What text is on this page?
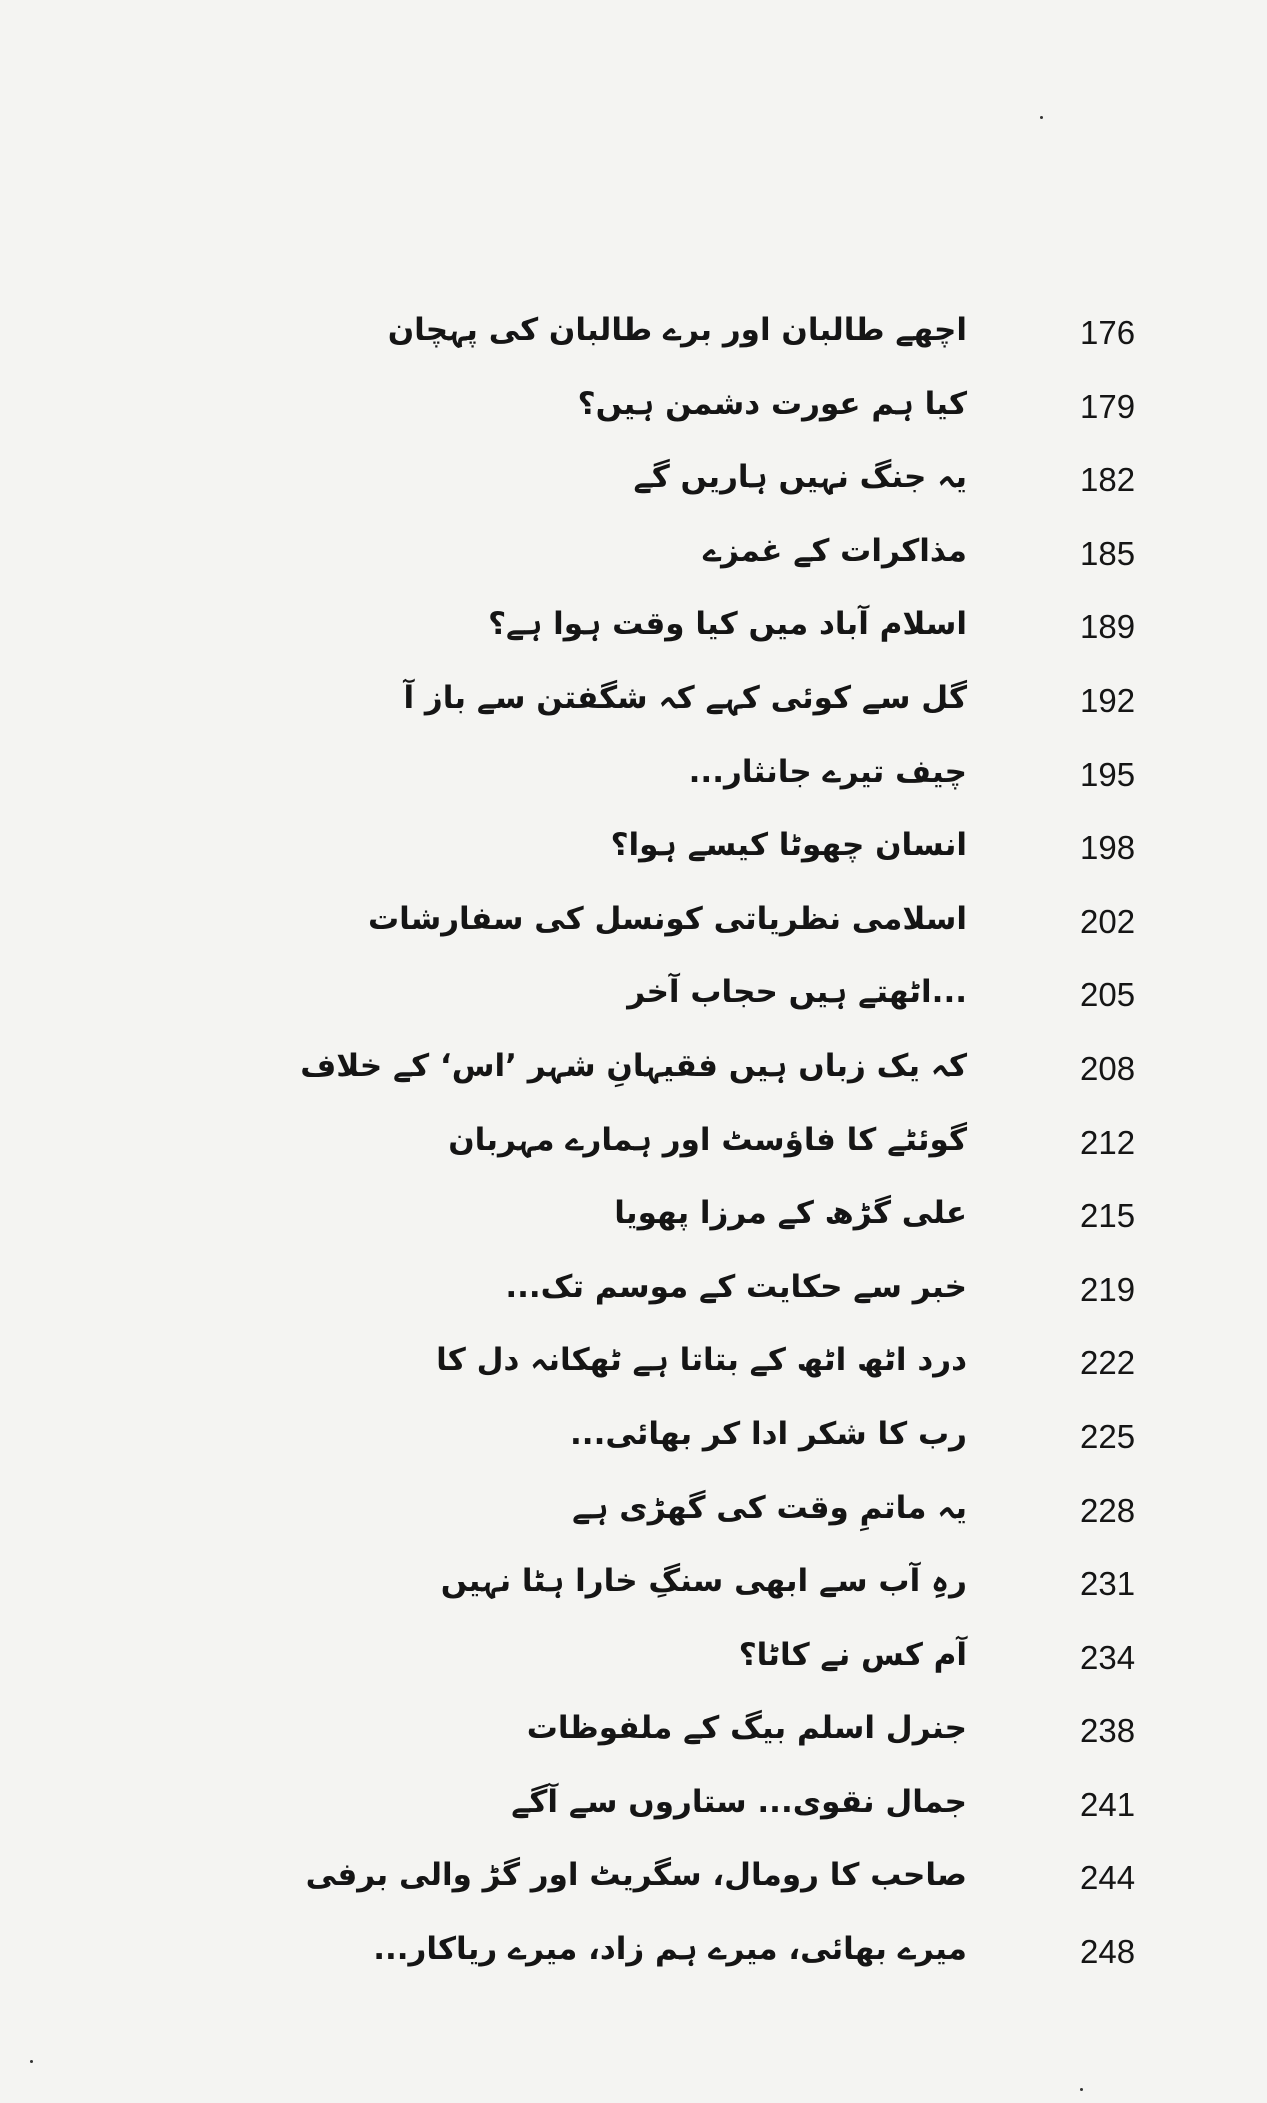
اچھے طالبان اور برے طالبان کی پہچان	176
کیا ہم عورت دشمن ہیں؟	179
یہ جنگ نہیں ہاریں گے	182
مذاکرات کے غمزے	185
اسلام آباد میں کیا وقت ہوا ہے؟	189
گل سے کوئی کہے کہ شگفتن سے باز آ	192
چیف تیرے جانثار...	195
انسان چھوٹا کیسے ہوا؟	198
اسلامی نظریاتی کونسل کی سفارشات	202
...اٹھتے ہیں حجاب آخر	205
کہ یک زباں ہیں فقیہانِ شہر ’اس‘ کے خلاف	208
گوئٹے کا فاؤسٹ اور ہمارے مہربان	212
علی گڑھ کے مرزا پھویا	215
خبر سے حکایت کے موسم تک...	219
درد اٹھ اٹھ کے بتاتا ہے ٹھکانہ دل کا	222
رب کا شکر ادا کر بھائی...	225
یہ ماتمِ وقت کی گھڑی ہے	228
رہِ آب سے ابھی سنگِ خارا ہٹا نہیں	231
آم کس نے کاٹا؟	234
جنرل اسلم بیگ کے ملفوظات	238
جمال نقوی... ستاروں سے آگے	241
صاحب کا رومال، سگریٹ اور گڑ والی برفی	244
میرے بھائی، میرے ہم زاد، میرے ریاکار...	248
